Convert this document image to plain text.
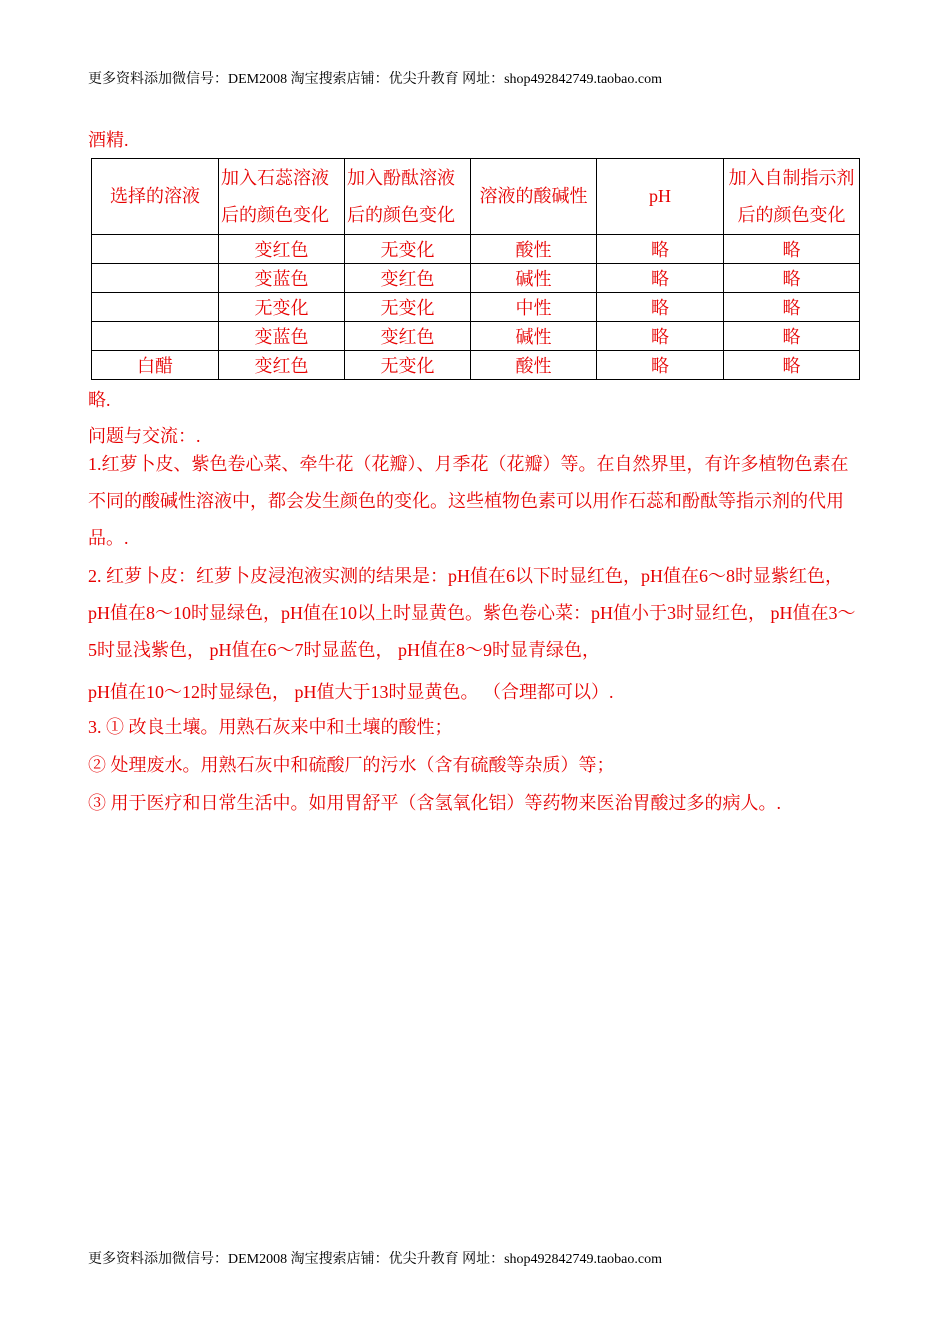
更多资料添加微信号：DEM2008 淘宝搜索店铺：优尖升教育 网址：shop492842749.taobao.com
酒精.
选择的溶液	加入石蕊溶液后的颜色变化	加入酚酞溶液后的颜色变化	溶液的酸碱性	pH	加入自制指示剂后的颜色变化
	变红色	无变化	酸性	略	略
	变蓝色	变红色	碱性	略	略
	无变化	无变化	中性	略	略
	变蓝色	变红色	碱性	略	略
白醋	变红色	无变化	酸性	略	略
略.
问题与交流：.
1.红萝卜皮、紫色卷心菜、牵牛花（花瓣）、月季花（花瓣）等。在自然界里，有许多植物色素在不同的酸碱性溶液中，都会发生颜色的变化。这些植物色素可以用作石蕊和酚酞等指示剂的代用品。.
2. 红萝卜皮：红萝卜皮浸泡液实测的结果是：pH值在6以下时显红色，pH值在6～8时显紫红色，pH值在8～10时显绿色，pH值在10以上时显黄色。紫色卷心菜：pH值小于3时显红色， pH值在3～5时显浅紫色， pH值在6～7时显蓝色， pH值在8～9时显青绿色，
pH值在10～12时显绿色， pH值大于13时显黄色。 （合理都可以）.
3. ① 改良土壤。用熟石灰来中和土壤的酸性；
② 处理废水。用熟石灰中和硫酸厂的污水（含有硫酸等杂质）等；
③ 用于医疗和日常生活中。如用胃舒平（含氢氧化铝）等药物来医治胃酸过多的病人。.
更多资料添加微信号：DEM2008 淘宝搜索店铺：优尖升教育 网址：shop492842749.taobao.com
